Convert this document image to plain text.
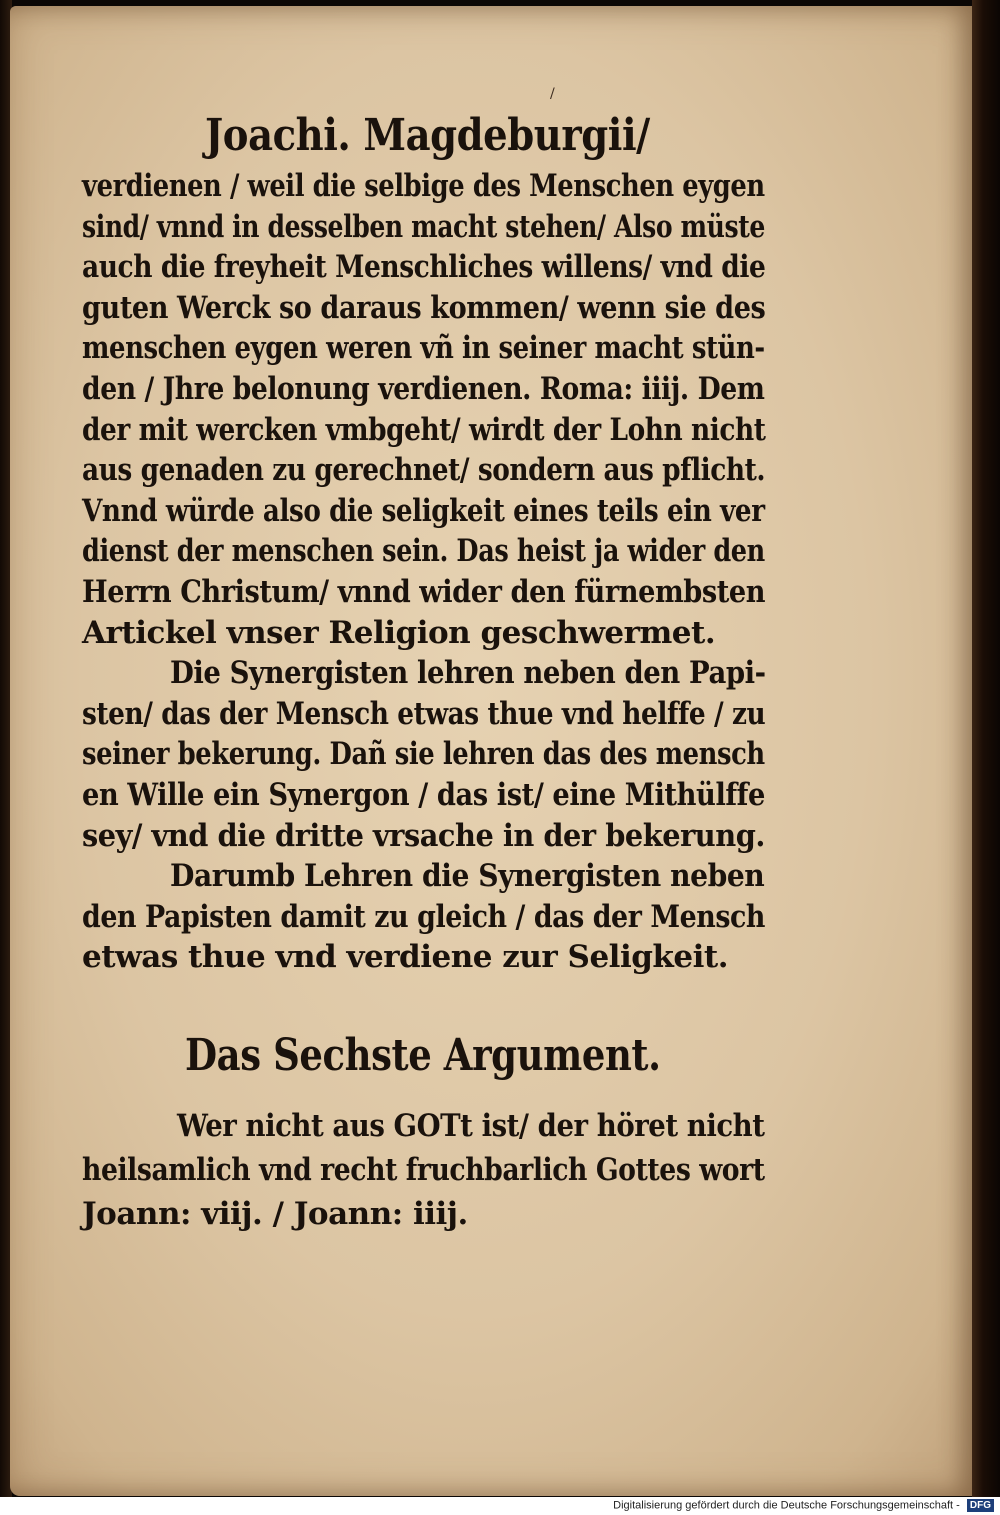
/
Joachi. Magdeburgii/
verdienen / weil die selbige des Menschen eygen
sind/ vnnd in desselben macht stehen/ Also müste
auch die freyheit Menschliches willens/ vnd die
guten Werck so daraus kommen/ wenn sie des
menschen eygen weren vñ in seiner macht stün-
den / Jhre belonung verdienen. Roma: iiij. Dem
der mit wercken vmbgeht/ wirdt der Lohn nicht
aus genaden zu gerechnet/ sondern aus pflicht.
Vnnd würde also die seligkeit eines teils ein ver
dienst der menschen sein. Das heist ja wider den
Herrn Christum/ vnnd wider den fürnembsten
Artickel vnser Religion geschwermet.
Die Synergisten lehren neben den Papi-
sten/ das der Mensch etwas thue vnd helffe / zu
seiner bekerung. Dañ sie lehren das des mensch
en Wille ein Synergon / das ist/ eine Mithülffe
sey/ vnd die dritte vrsache in der bekerung.
Darumb Lehren die Synergisten neben
den Papisten damit zu gleich / das der Mensch
etwas thue vnd verdiene zur Seligkeit.
Das Sechste Argument.
Wer nicht aus GOTt ist/ der höret nicht
heilsamlich vnd recht fruchbarlich Gottes wort
Joann: viij. / Joann: iiij.
Digitalisierung gefördert durch die Deutsche Forschungsgemeinschaft - DFG
